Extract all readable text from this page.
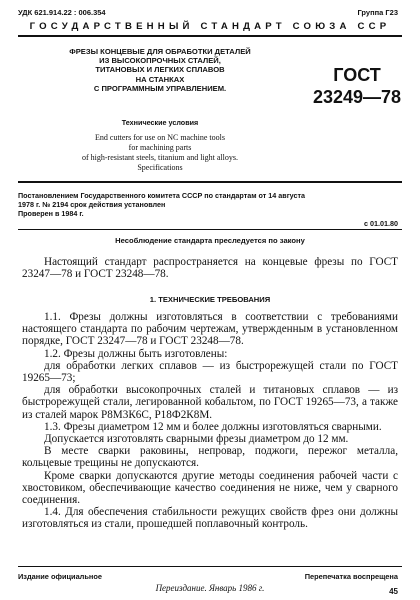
УДК 621.914.22 : 006.354	Группа Г23
ГОСУДАРСТВЕННЫЙ СТАНДАРТ СОЮЗА ССР
ФРЕЗЫ КОНЦЕВЫЕ ДЛЯ ОБРАБОТКИ ДЕТАЛЕЙ
ИЗ ВЫСОКОПРОЧНЫХ СТАЛЕЙ,
ТИТАНОВЫХ И ЛЕГКИХ СПЛАВОВ
НА СТАНКАХ
С ПРОГРАММНЫМ УПРАВЛЕНИЕМ.
ГОСТ
23249—78
Технические условия
End cutters for use on NC machine tools
for machining parts
of high-resistant steels, titanium and light alloys.
Specifications
Постановлением Государственного комитета СССР по стандартам от 14 августа
1978 г. № 2194 срок действия установлен
Проверен в 1984 г.
с 01.01.80
Несоблюдение стандарта преследуется по закону

Настоящий стандарт распространяется на концевые фрезы по ГОСТ 23247—78 и ГОСТ 23248—78.

1. ТЕХНИЧЕСКИЕ ТРЕБОВАНИЯ

1.1. Фрезы должны изготовляться в соответствии с требованиями настоящего стандарта по рабочим чертежам, утвержденным в установленном порядке, ГОСТ 23247—78 и ГОСТ 23248—78.

1.2. Фрезы должны быть изготовлены:

для обработки легких сплавов — из быстрорежущей стали по ГОСТ 19265—73;

для обработки высокопрочных сталей и титановых сплавов — из быстрорежущей стали, легированной кобальтом, по ГОСТ 19265—73, а также из сталей марок Р8М3К6С, Р18Ф2К8М.

1.3. Фрезы диаметром 12 мм и более должны изготовляться сварными.

Допускается изготовлять сварными фрезы диаметром до 12 мм.

В месте сварки раковины, непровар, поджоги, пережог металла, кольцевые трещины не допускаются.

Кроме сварки допускаются другие методы соединения рабочей части с хвостовиком, обеспечивающие качество соединения не ниже, чем у сварного соединения.

1.4. Для обеспечения стабильности режущих свойств фрез они должны изготовляться из стали, прошедшей поплавочный контроль.

Издание официальное	Перепечатка воспрещена
Переиздание. Январь 1986 г.	45
